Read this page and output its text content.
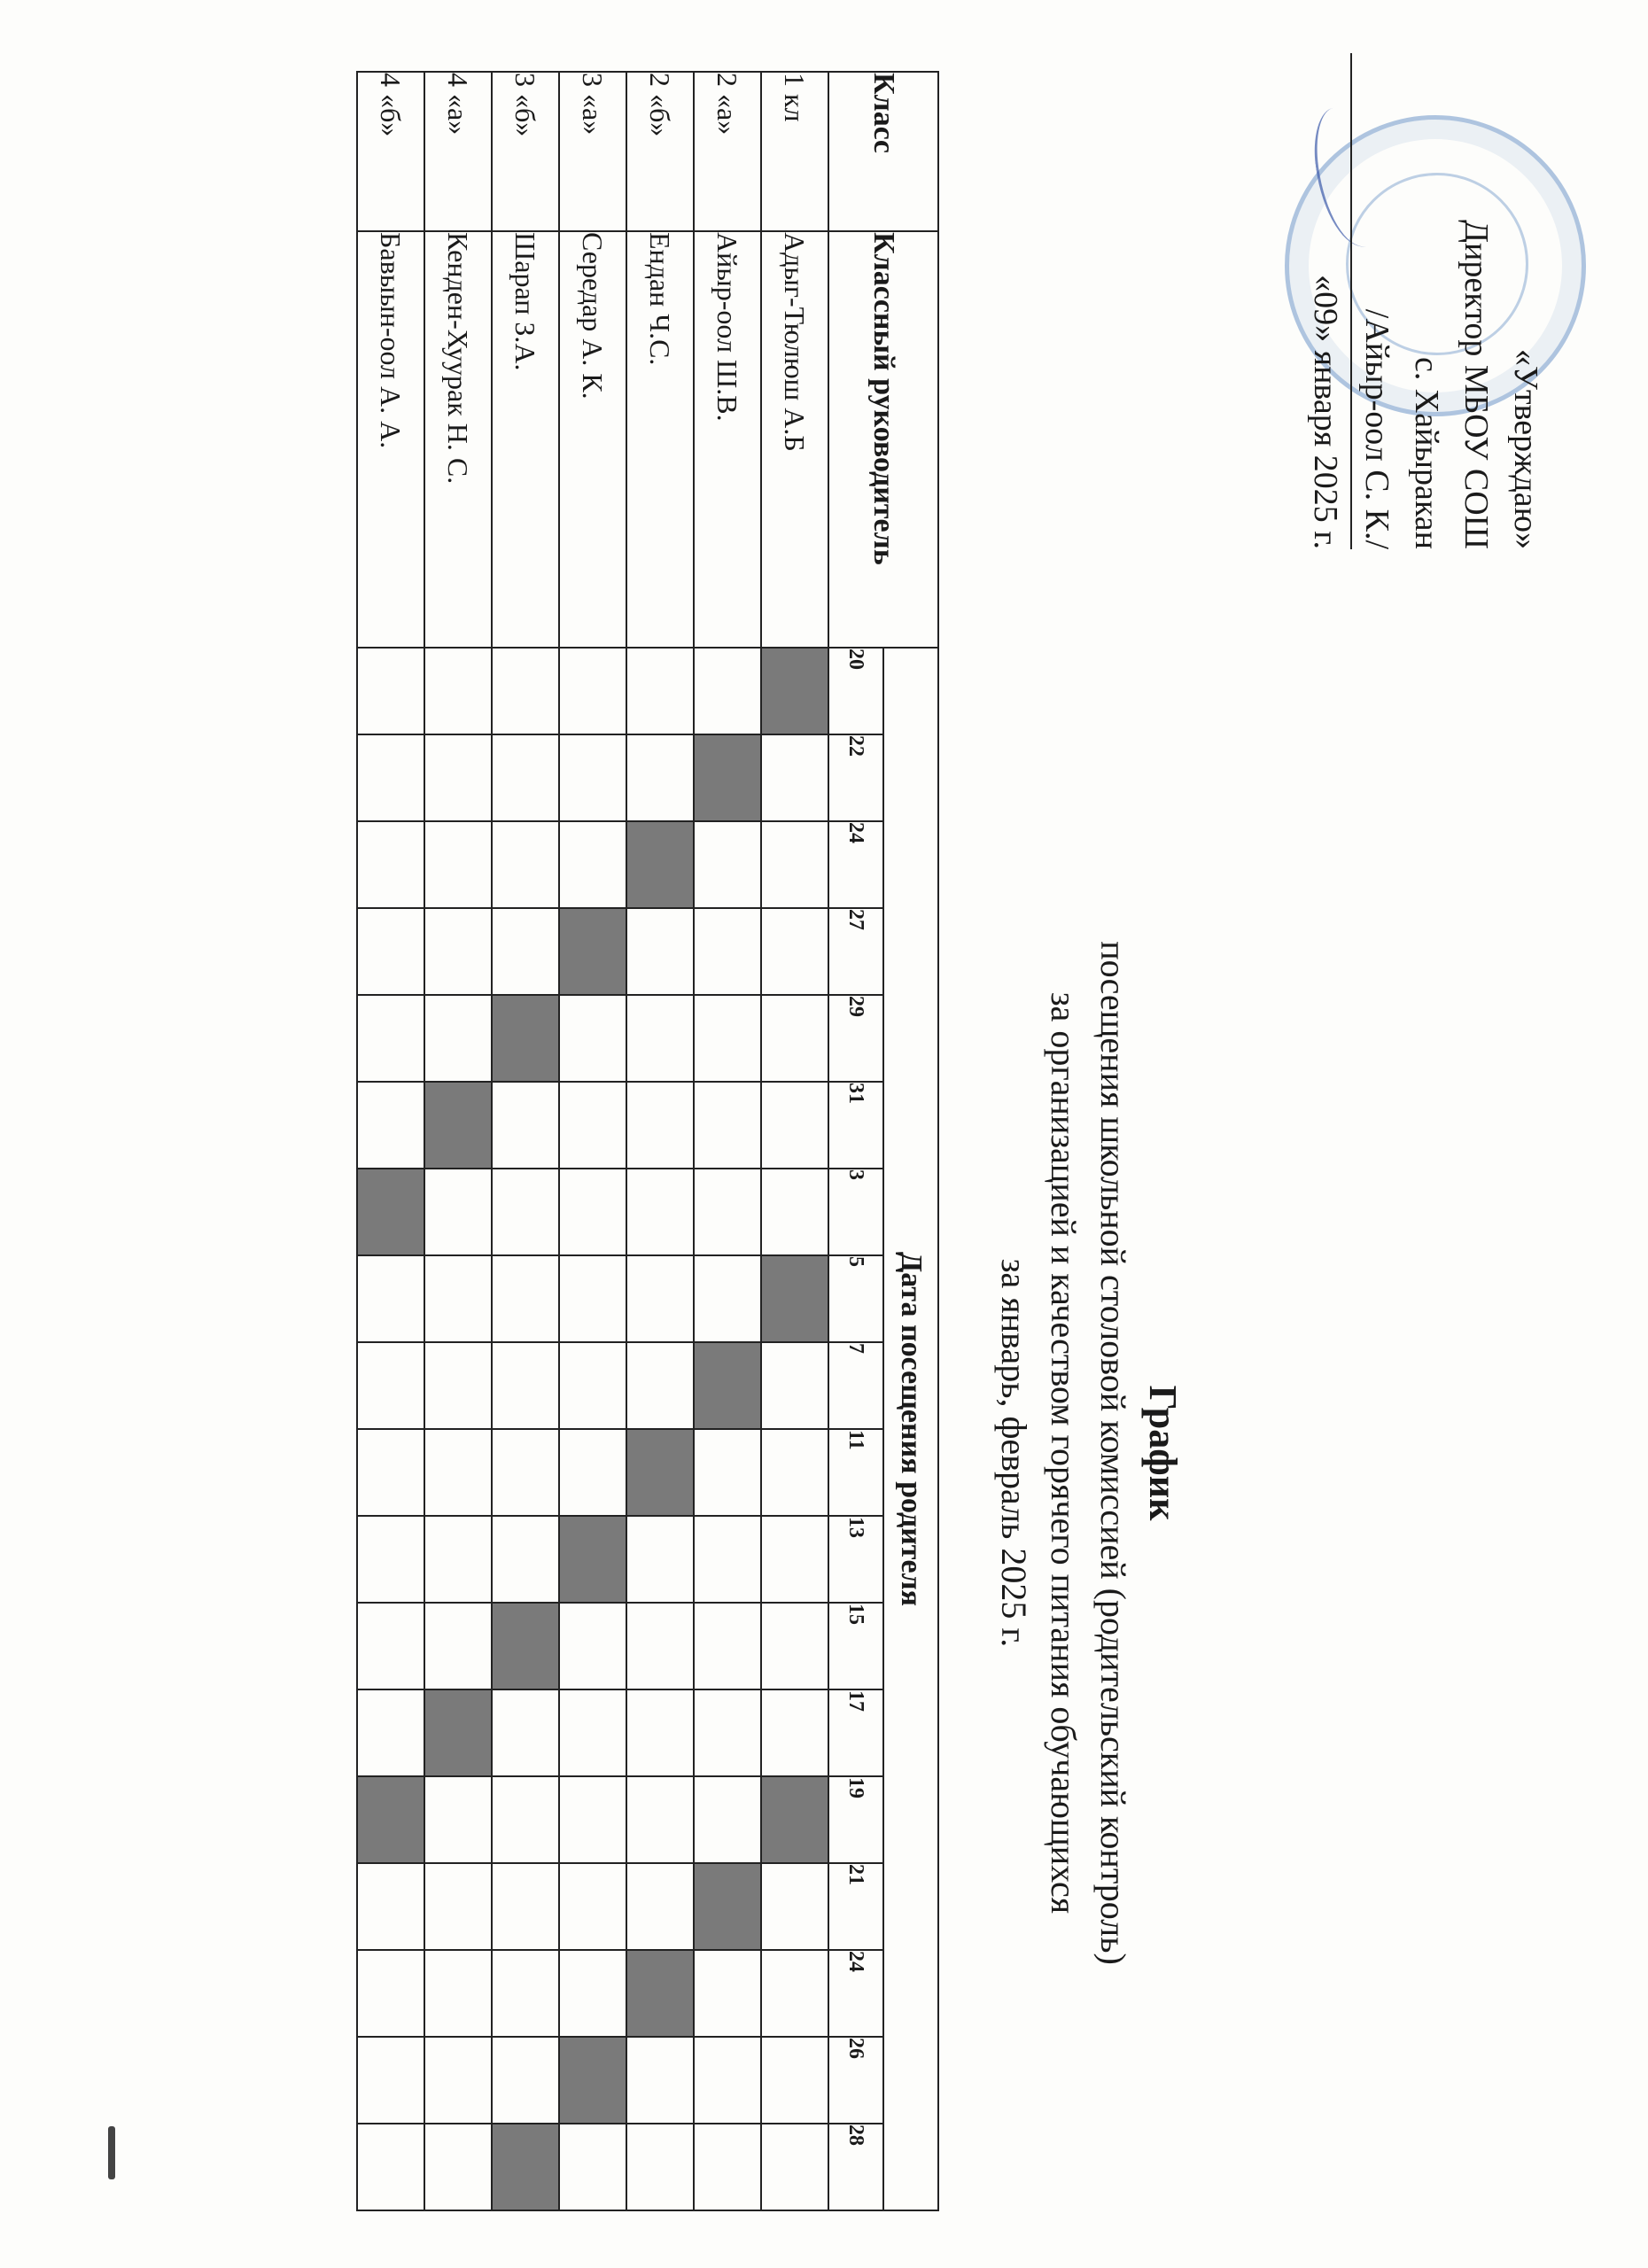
«Утверждаю»
Директор МБОУ СОШ
с. Хайыракан
/Айыр-оол С. К./
«09» января 2025 г.
График
посещения школьной столовой комиссией (родительский контроль)
за организацией и качеством горячего питания обучающихся
за январь, февраль 2025 г.
Класс	Классный руководитель	Дата посещения родителя																	
		20	22	24	27	29	31	3	5	7	11	13	15	17	19	21	24	26	28
1 кл	Адыг-Тюлюш А.Б																		
2 «а»	Айыр-оол Ш.В.																		
2 «б»	Ендан Ч.С.																		
3 «а»	Середар А. К.																		
3 «б»	Шарап З.А.																		
4 «а»	Кенден-Хуурак Н. С.																		
4 «б»	Бавыын-оол А. А.																		
